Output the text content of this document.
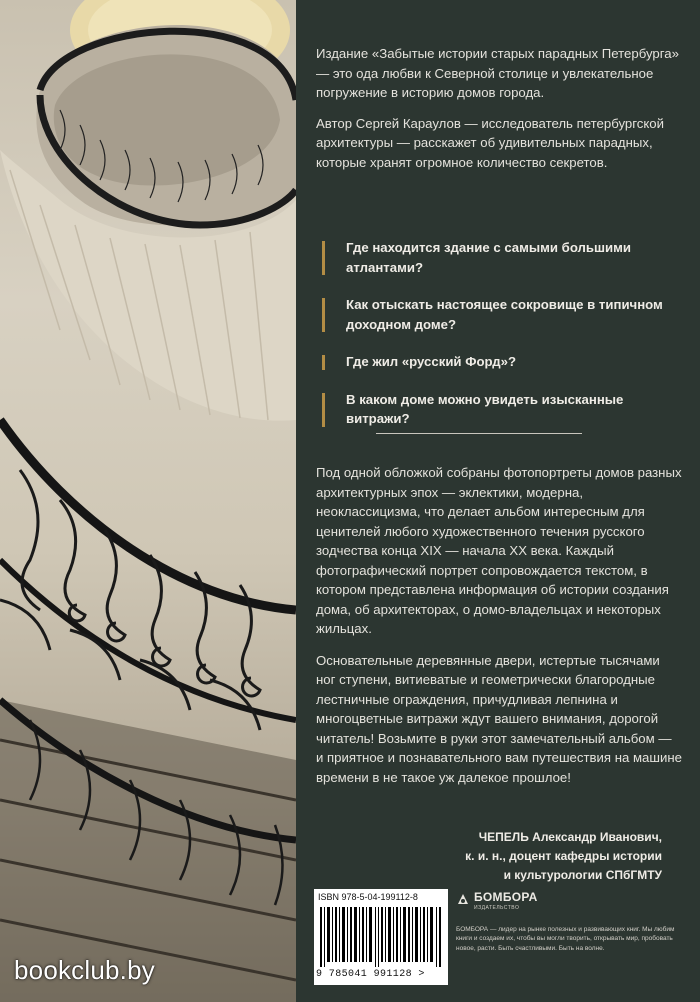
bookclub.by

Издание «Забытые истории старых парадных Петербурга» — это ода любви к Северной столице и увлекательное погружение в историю домов города.

Автор Сергей Караулов — исследователь петербургской архитектуры — расскажет об удивительных парадных, которые хранят огромное количество секретов.

Где находится здание с самыми большими атлантами?
Как отыскать настоящее сокровище в типичном доходном доме?
Где жил «русский Форд»?
В каком доме можно увидеть изысканные витражи?

Под одной обложкой собраны фотопортреты домов разных архитектурных эпох — эклектики, модерна, неоклассицизма, что делает альбом интересным для ценителей любого художественного течения русского зодчества конца XIX — начала XX века. Каждый фотографический портрет сопровождается текстом, в котором представлена информация об истории создания дома, об архитекторах, о домо-владельцах и некоторых жильцах.

Основательные деревянные двери, истертые тысячами ног ступени, витиеватые и геометрически благородные лестничные ограждения, причудливая лепнина и многоцветные витражи ждут вашего внимания, дорогой читатель! Возьмите в руки этот замечательный альбом — и приятное и познавательного вам путешествия на машине времени в не такое уж далекое прошлое!

ЧЕПЕЛЬ Александр Иванович,
к. и. н., доцент кафедры истории
и культурологии СПбГМТУ
ISBN 978-5-04-199112-8
9 785041 991128 >
БОМБОРА
ИЗДАТЕЛЬСТВО
БОМБОРА — лидер на рынке полезных и развивающих книг. Мы любим книги и создаем их, чтобы вы могли творить, открывать мир, пробовать новое, расти. Быть счастливыми. Быть на волне.
